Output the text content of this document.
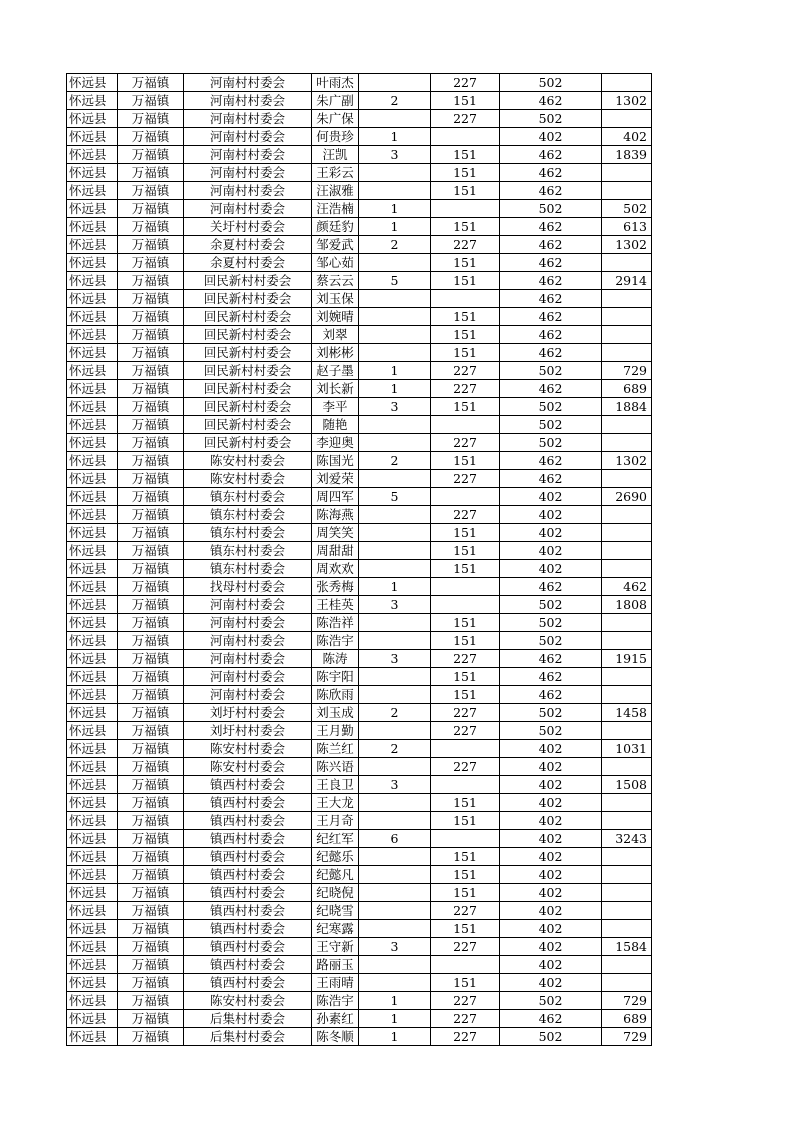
怀远县	万福镇	河南村村委会	叶雨杰		227	502	
怀远县	万福镇	河南村村委会	朱广副	2	151	462	1302
怀远县	万福镇	河南村村委会	朱广保		227	502	
怀远县	万福镇	河南村村委会	何贵珍	1		402	402
怀远县	万福镇	河南村村委会	汪凯	3	151	462	1839
怀远县	万福镇	河南村村委会	王彩云		151	462	
怀远县	万福镇	河南村村委会	汪淑雅		151	462	
怀远县	万福镇	河南村村委会	汪浩楠	1		502	502
怀远县	万福镇	关圩村村委会	颜廷豹	1	151	462	613
怀远县	万福镇	余夏村村委会	邹爱武	2	227	462	1302
怀远县	万福镇	余夏村村委会	邹心茹		151	462	
怀远县	万福镇	回民新村村委会	蔡云云	5	151	462	2914
怀远县	万福镇	回民新村村委会	刘玉保			462	
怀远县	万福镇	回民新村村委会	刘婉晴		151	462	
怀远县	万福镇	回民新村村委会	刘翠		151	462	
怀远县	万福镇	回民新村村委会	刘彬彬		151	462	
怀远县	万福镇	回民新村村委会	赵子墨	1	227	502	729
怀远县	万福镇	回民新村村委会	刘长新	1	227	462	689
怀远县	万福镇	回民新村村委会	李平	3	151	502	1884
怀远县	万福镇	回民新村村委会	随艳			502	
怀远县	万福镇	回民新村村委会	李迎奥		227	502	
怀远县	万福镇	陈安村村委会	陈国光	2	151	462	1302
怀远县	万福镇	陈安村村委会	刘爱荣		227	462	
怀远县	万福镇	镇东村村委会	周四军	5		402	2690
怀远县	万福镇	镇东村村委会	陈海燕		227	402	
怀远县	万福镇	镇东村村委会	周笑笑		151	402	
怀远县	万福镇	镇东村村委会	周甜甜		151	402	
怀远县	万福镇	镇东村村委会	周欢欢		151	402	
怀远县	万福镇	找母村村委会	张秀梅	1		462	462
怀远县	万福镇	河南村村委会	王桂英	3		502	1808
怀远县	万福镇	河南村村委会	陈浩祥		151	502	
怀远县	万福镇	河南村村委会	陈浩宇		151	502	
怀远县	万福镇	河南村村委会	陈涛	3	227	462	1915
怀远县	万福镇	河南村村委会	陈宇阳		151	462	
怀远县	万福镇	河南村村委会	陈欣雨		151	462	
怀远县	万福镇	刘圩村村委会	刘玉成	2	227	502	1458
怀远县	万福镇	刘圩村村委会	王月勤		227	502	
怀远县	万福镇	陈安村村委会	陈兰红	2		402	1031
怀远县	万福镇	陈安村村委会	陈兴语		227	402	
怀远县	万福镇	镇西村村委会	王良卫	3		402	1508
怀远县	万福镇	镇西村村委会	王大龙		151	402	
怀远县	万福镇	镇西村村委会	王月奇		151	402	
怀远县	万福镇	镇西村村委会	纪红军	6		402	3243
怀远县	万福镇	镇西村村委会	纪懿乐		151	402	
怀远县	万福镇	镇西村村委会	纪懿凡		151	402	
怀远县	万福镇	镇西村村委会	纪晓倪		151	402	
怀远县	万福镇	镇西村村委会	纪晓雪		227	402	
怀远县	万福镇	镇西村村委会	纪寒露		151	402	
怀远县	万福镇	镇西村村委会	王守新	3	227	402	1584
怀远县	万福镇	镇西村村委会	路丽玉			402	
怀远县	万福镇	镇西村村委会	王雨晴		151	402	
怀远县	万福镇	陈安村村委会	陈浩宇	1	227	502	729
怀远县	万福镇	后集村村委会	孙素红	1	227	462	689
怀远县	万福镇	后集村村委会	陈冬顺	1	227	502	729
